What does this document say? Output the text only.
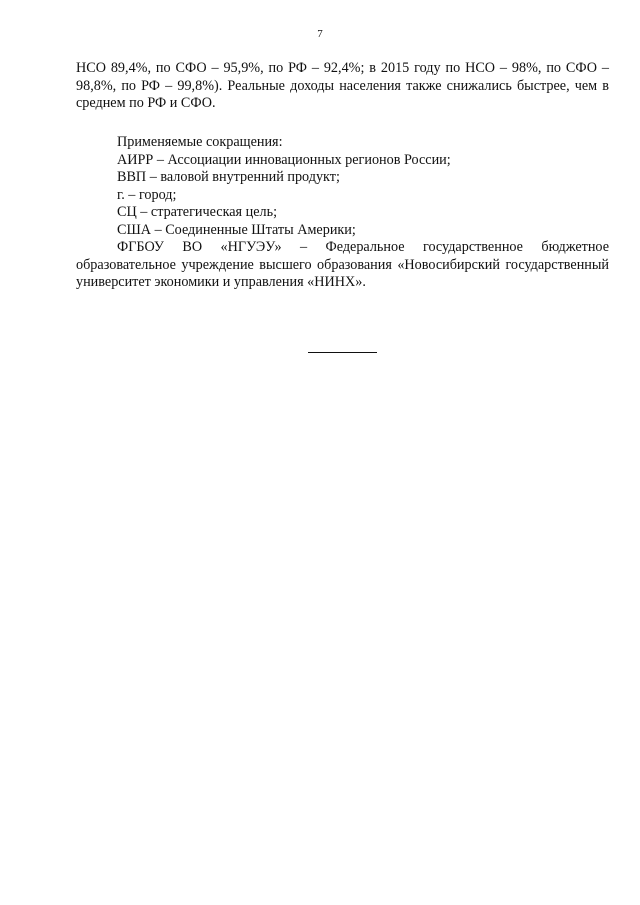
7

НСО 89,4%, по СФО – 95,9%, по РФ – 92,4%; в 2015 году по НСО – 98%, по СФО – 98,8%, по РФ – 99,8%). Реальные доходы населения также снижались быстрее, чем в среднем по РФ и СФО.

Применяемые сокращения:

АИРР – Ассоциации инновационных регионов России;

ВВП – валовой внутренний продукт;

г. – город;

СЦ – стратегическая цель;

США – Соединенные Штаты Америки;

ФГБОУ ВО «НГУЭУ» – Федеральное государственное бюджетное образовательное учреждение высшего образования «Новосибирский государственный университет экономики и управления «НИНХ».
